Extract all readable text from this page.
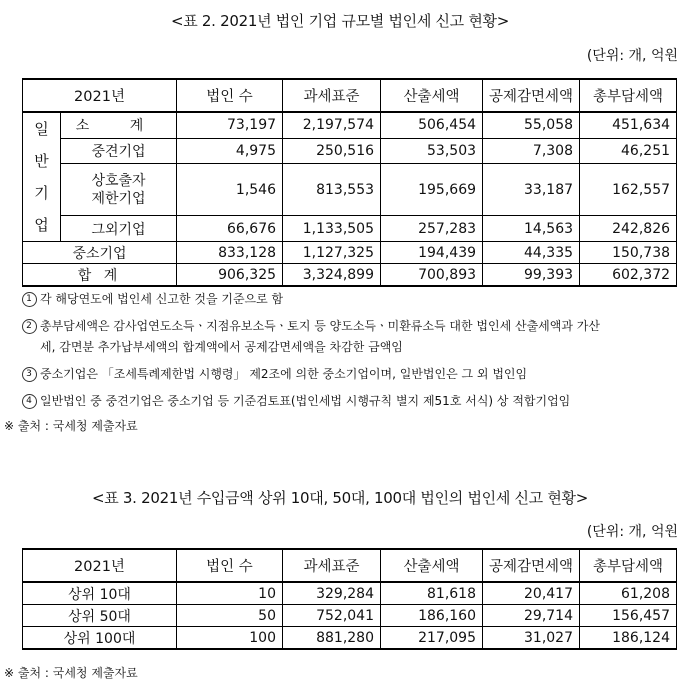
<표 2. 2021년 법인 기업 규모별 법인세 신고 현황>
(단위: 개, 억원
2021년		법인 수	과세표준	산출세액	공제감면세액	총부담세액

일
반
기
업	소 계	73,197	2,197,574	506,454	55,058	451,634
	중견기업	4,975	250,516	53,503	7,308	46,251

	상호출자
제한기업	1,546	813,553	195,669	33,187	162,557
	그외기업	66,676	1,133,505	257,283	14,563	242,826
중소기업		833,128	1,127,325	194,439	44,335	150,738
합 계		906,325	3,324,899	700,893	99,393	602,372
1 각 해당연도에 법인세 신고한 것을 기준으로 함
2 총부담세액은 감사업연도소득ㆍ지점유보소득ㆍ토지 등 양도소득ㆍ미환류소득 대한 법인세 산출세액과 가산
세, 감면분 추가납부세액의 합계액에서 공제감면세액을 차감한 금액임
3 중소기업은 「조세특례제한법 시행령」 제2조에 의한 중소기업이며, 일반법인은 그 외 법인임
4 일반법인 중 중견기업은 중소기업 등 기준검토표(법인세법 시행규칙 별지 제51호 서식) 상 적합기업임
※ 출처 : 국세청 제출자료
<표 3. 2021년 수입금액 상위 10대, 50대, 100대 법인의 법인세 신고 현황>
(단위: 개, 억원
2021년	법인 수	과세표준	산출세액	공제감면세액	총부담세액
상위 10대	10	329,284	81,618	20,417	61,208
상위 50대	50	752,041	186,160	29,714	156,457
상위 100대	100	881,280	217,095	31,027	186,124
※ 출처 : 국세청 제출자료
